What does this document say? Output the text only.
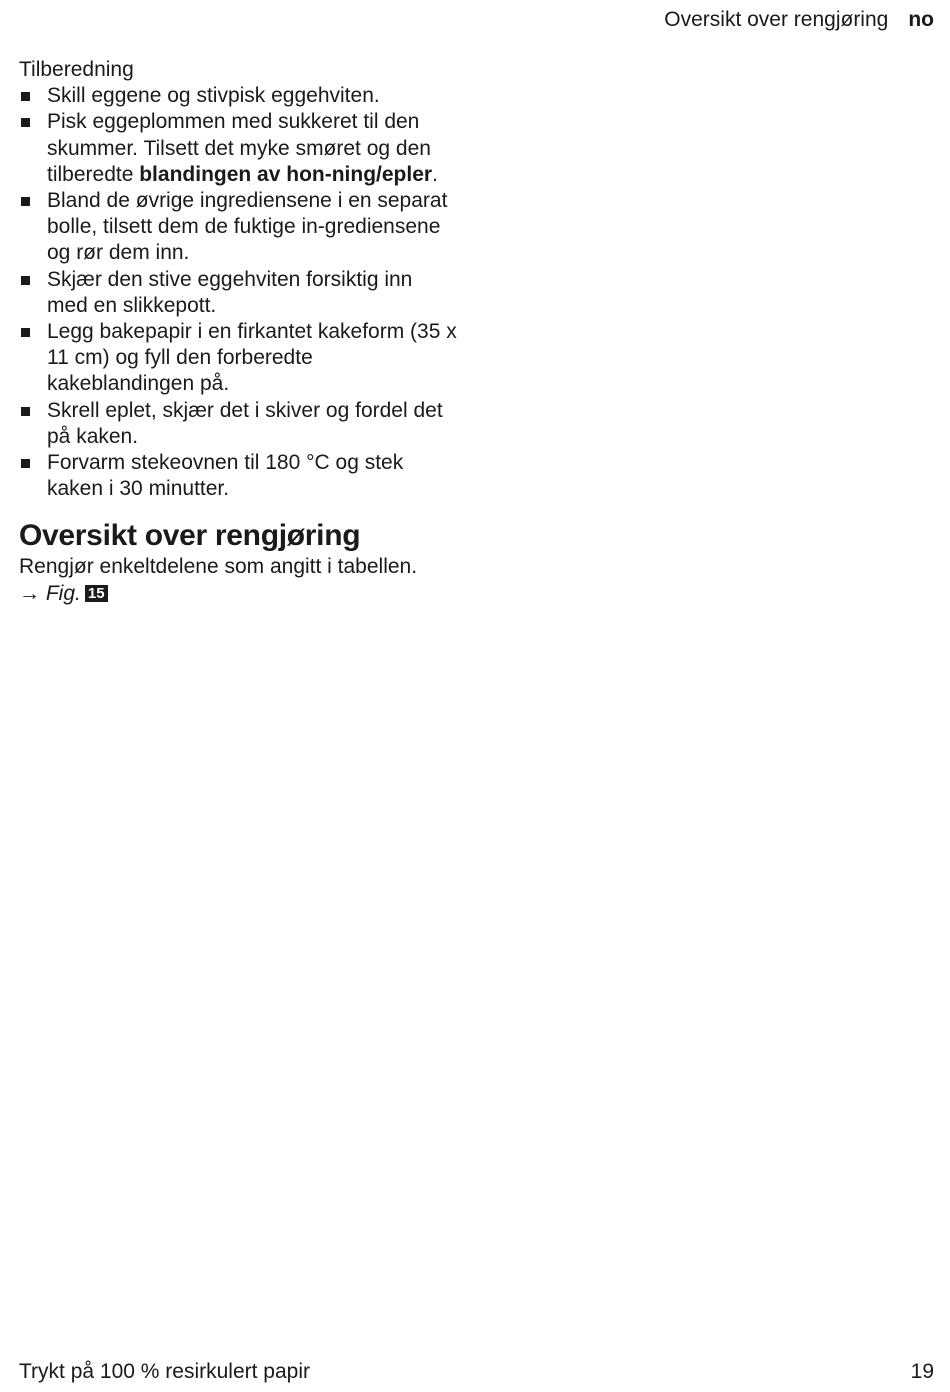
Oversikt over rengjøring no

Tilberedning

Skill eggene og stivpisk eggehviten.
Pisk eggeplommen med sukkeret til den skummer. Tilsett det myke smøret og den tilberedte blandingen av hon-ning/epler.
Bland de øvrige ingrediensene i en separat bolle, tilsett dem de fuktige in-grediensene og rør dem inn.
Skjær den stive eggehviten forsiktig inn med en slikkepott.
Legg bakepapir i en firkantet kakeform (35 x 11 cm) og fyll den forberedte kakeblandingen på.
Skrell eplet, skjær det i skiver og fordel det på kaken.
Forvarm stekeovnen til 180 °C og stek kaken i 30 minutter.
Oversikt over rengjøring

Rengjør enkeltdelene som angitt i tabellen.

→ Fig. 15

Trykt på 100 % resirkulert papir	19
